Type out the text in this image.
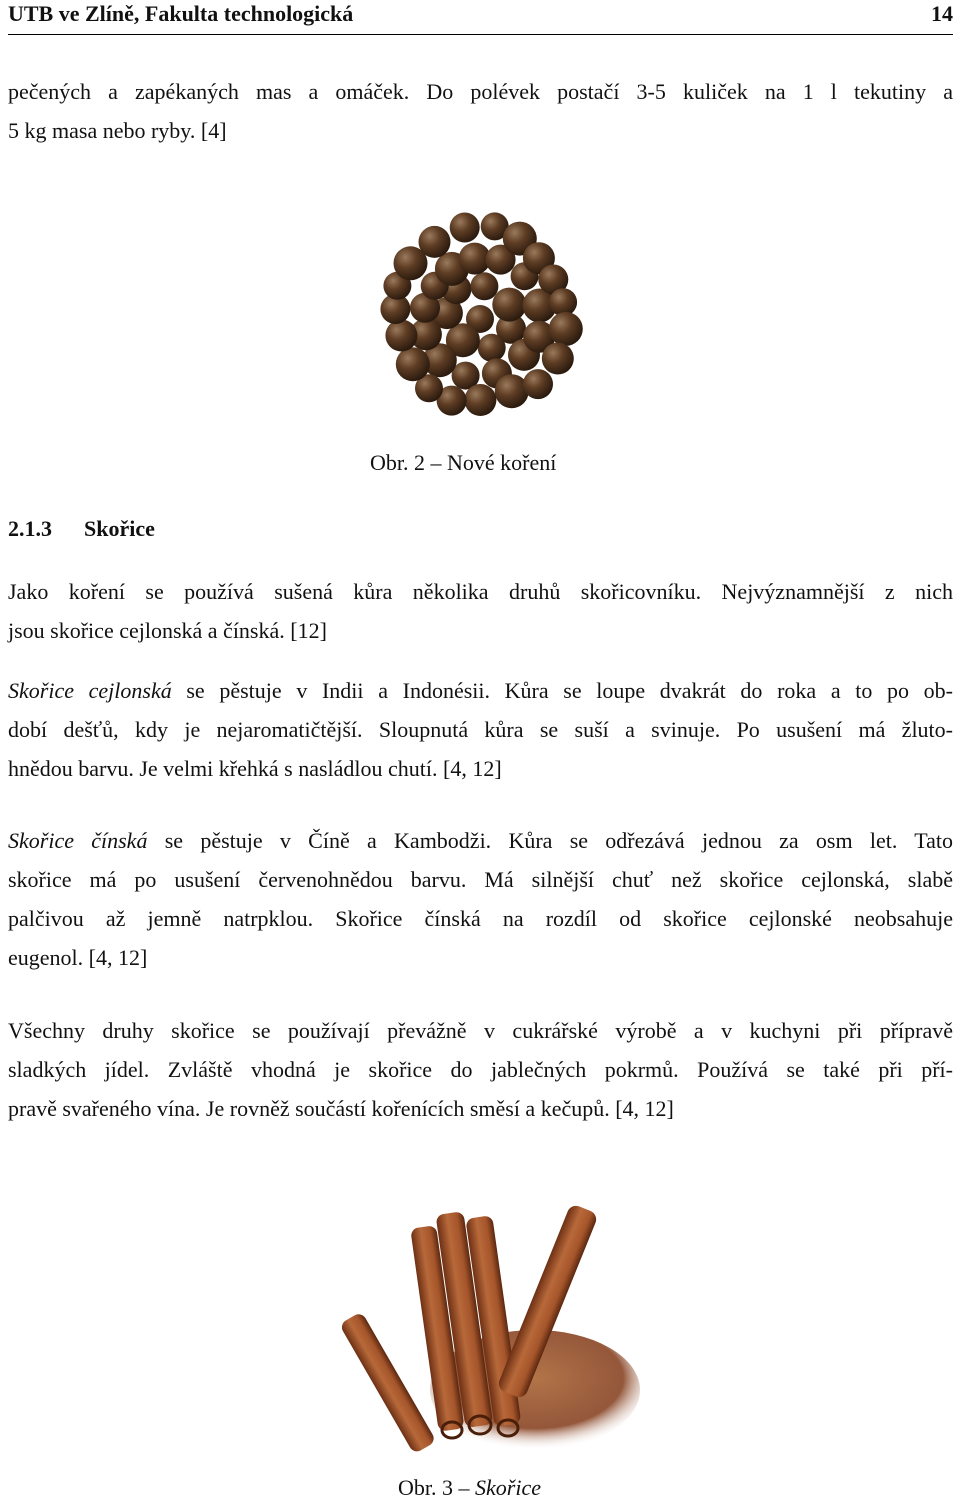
UTB ve Zlíně, Fakulta technologická	14

pečených a zapékaných mas a omáček. Do polévek postačí 3-5 kuliček na 1 l tekutiny a
5 kg masa nebo ryby. [4]

Obr. 2 – Nové koření
2.1.3 Skořice

Jako koření se používá sušená kůra několika druhů skořicovníku. Nejvýznamnější z nich
jsou skořice cejlonská a čínská. [12]

Skořice cejlonská se pěstuje v Indii a Indonésii. Kůra se loupe dvakrát do roka a to po ob-
dobí dešťů, kdy je nejaromatičtější. Sloupnutá kůra se suší a svinuje. Po usušení má žluto-
hnědou barvu. Je velmi křehká s nasládlou chutí. [4, 12]

Skořice čínská se pěstuje v Číně a Kambodži. Kůra se odřezává jednou za osm let. Tato
skořice má po usušení červenohnědou barvu. Má silnější chuť než skořice cejlonská, slabě
palčivou až jemně natrpklou. Skořice čínská na rozdíl od skořice cejlonské neobsahuje
eugenol. [4, 12]

Všechny druhy skořice se používají převážně v cukrářské výrobě a v kuchyni při přípravě
sladkých jídel. Zvláště vhodná je skořice do jablečných pokrmů. Používá se také při pří-
pravě svařeného vína. Je rovněž součástí kořenících směsí a kečupů. [4, 12]

Obr. 3 – Skořice
